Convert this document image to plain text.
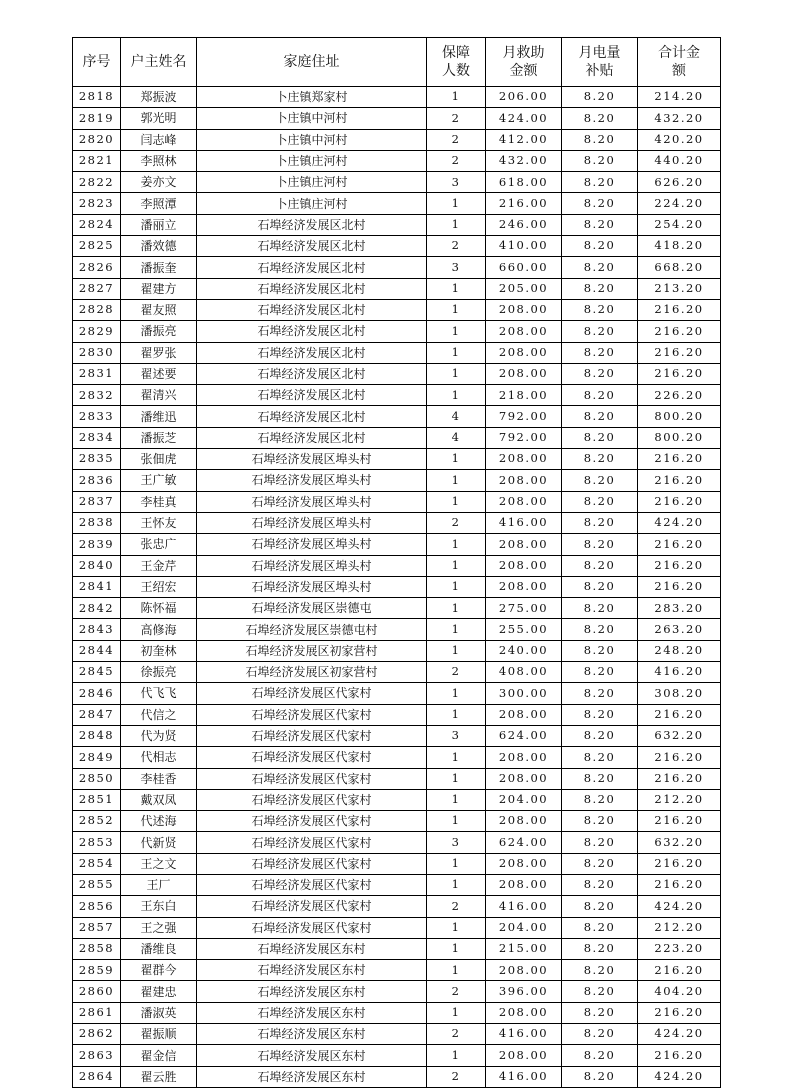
序号	户主姓名	家庭住址	保障人数	月救助金额	月电量补贴	合计金额
2818	郑振波	卜庄镇郑家村	1	206.00	8.20	214.20
2819	郭光明	卜庄镇中河村	2	424.00	8.20	432.20
2820	闫志峰	卜庄镇中河村	2	412.00	8.20	420.20
2821	李照林	卜庄镇庄河村	2	432.00	8.20	440.20
2822	姜亦文	卜庄镇庄河村	3	618.00	8.20	626.20
2823	李照潭	卜庄镇庄河村	1	216.00	8.20	224.20
2824	潘丽立	石埠经济发展区北村	1	246.00	8.20	254.20
2825	潘效德	石埠经济发展区北村	2	410.00	8.20	418.20
2826	潘振奎	石埠经济发展区北村	3	660.00	8.20	668.20
2827	翟建方	石埠经济发展区北村	1	205.00	8.20	213.20
2828	翟友照	石埠经济发展区北村	1	208.00	8.20	216.20
2829	潘振亮	石埠经济发展区北村	1	208.00	8.20	216.20
2830	翟罗张	石埠经济发展区北村	1	208.00	8.20	216.20
2831	翟述要	石埠经济发展区北村	1	208.00	8.20	216.20
2832	翟清兴	石埠经济发展区北村	1	218.00	8.20	226.20
2833	潘维迅	石埠经济发展区北村	4	792.00	8.20	800.20
2834	潘振芝	石埠经济发展区北村	4	792.00	8.20	800.20
2835	张佃虎	石埠经济发展区埠头村	1	208.00	8.20	216.20
2836	王广敏	石埠经济发展区埠头村	1	208.00	8.20	216.20
2837	李桂真	石埠经济发展区埠头村	1	208.00	8.20	216.20
2838	王怀友	石埠经济发展区埠头村	2	416.00	8.20	424.20
2839	张忠广	石埠经济发展区埠头村	1	208.00	8.20	216.20
2840	王金芹	石埠经济发展区埠头村	1	208.00	8.20	216.20
2841	王绍宏	石埠经济发展区埠头村	1	208.00	8.20	216.20
2842	陈怀福	石埠经济发展区崇德屯	1	275.00	8.20	283.20
2843	高修海	石埠经济发展区崇德屯村	1	255.00	8.20	263.20
2844	初奎林	石埠经济发展区初家营村	1	240.00	8.20	248.20
2845	徐振亮	石埠经济发展区初家营村	2	408.00	8.20	416.20
2846	代飞飞	石埠经济发展区代家村	1	300.00	8.20	308.20
2847	代信之	石埠经济发展区代家村	1	208.00	8.20	216.20
2848	代为贤	石埠经济发展区代家村	3	624.00	8.20	632.20
2849	代相志	石埠经济发展区代家村	1	208.00	8.20	216.20
2850	李桂香	石埠经济发展区代家村	1	208.00	8.20	216.20
2851	戴双凤	石埠经济发展区代家村	1	204.00	8.20	212.20
2852	代述海	石埠经济发展区代家村	1	208.00	8.20	216.20
2853	代新贤	石埠经济发展区代家村	3	624.00	8.20	632.20
2854	王之文	石埠经济发展区代家村	1	208.00	8.20	216.20
2855	王厂	石埠经济发展区代家村	1	208.00	8.20	216.20
2856	王东白	石埠经济发展区代家村	2	416.00	8.20	424.20
2857	王之强	石埠经济发展区代家村	1	204.00	8.20	212.20
2858	潘维良	石埠经济发展区东村	1	215.00	8.20	223.20
2859	翟群今	石埠经济发展区东村	1	208.00	8.20	216.20
2860	翟建忠	石埠经济发展区东村	2	396.00	8.20	404.20
2861	潘淑英	石埠经济发展区东村	1	208.00	8.20	216.20
2862	翟振顺	石埠经济发展区东村	2	416.00	8.20	424.20
2863	翟金信	石埠经济发展区东村	1	208.00	8.20	216.20
2864	翟云胜	石埠经济发展区东村	2	416.00	8.20	424.20
